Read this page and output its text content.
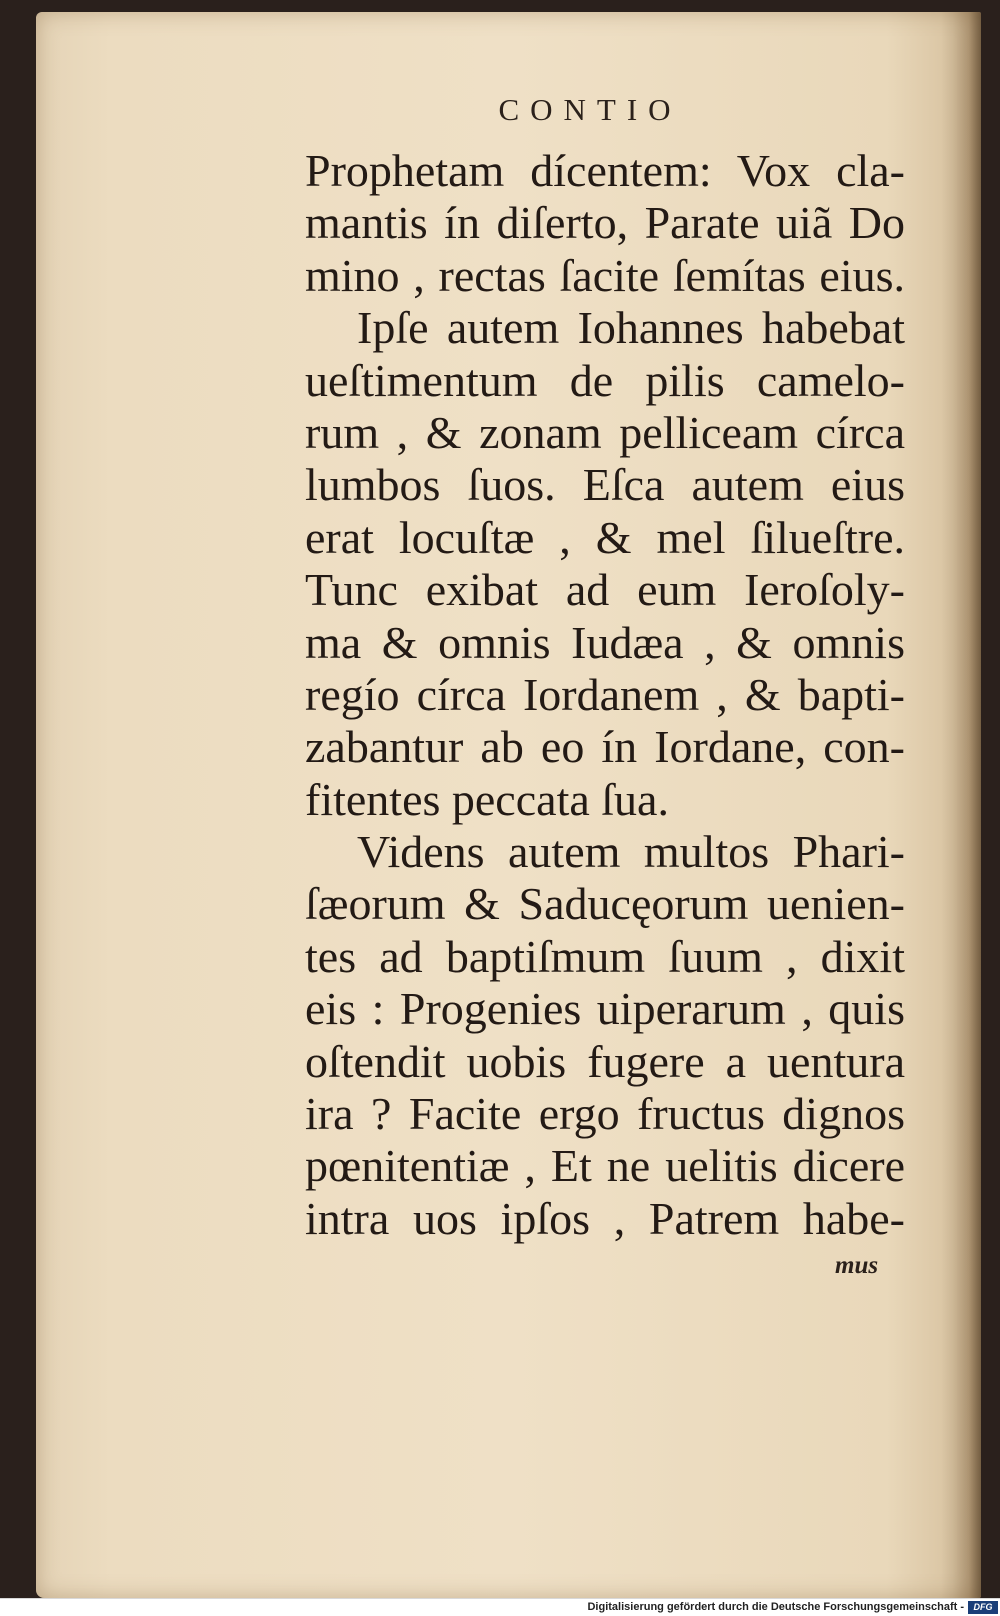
CONTIO
Prophetam dícentem: Vox cla-
mantis ín diſerto, Parate uiã Do
mino , rectas ſacite ſemítas eius.
Ipſe autem Iohannes habebat
ueſtimentum de pilis camelo-
rum , & zonam pelliceam círca
lumbos ſuos. Eſca autem eius
erat locuſtæ , & mel ſilueſtre.
Tunc exibat ad eum Ieroſoly-
ma & omnis Iudæa , & omnis
regío círca Iordanem , & bapti-
zabantur ab eo ín Iordane, con-
fitentes peccata ſua.
Videns autem multos Phari-
ſæorum & Saducęorum uenien-
tes ad baptiſmum ſuum , dixit
eis : Progenies uiperarum , quis
oſtendit uobis fugere a uentura
ira ? Facite ergo fructus dignos
pœnitentiæ , Et ne uelitis dicere
intra uos ipſos , Patrem habe-
mus
Digitalisierung gefördert durch die Deutsche Forschungsgemeinschaft -	DFG
